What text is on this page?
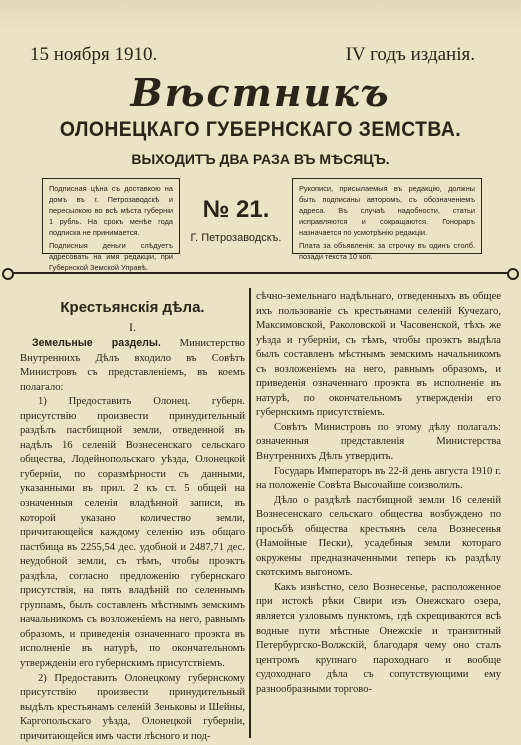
15 ноября 1910.	IV годъ изданія.
Вѣстникъ
ОЛОНЕЦКАГО ГУБЕРНСКАГО ЗЕМСТВА.
ВЫХОДИТЪ ДВА РАЗА ВЪ МѢСЯЦЪ.

Подписная цѣна съ доставкою на домъ въ г. Петрозаводскѣ и пересылкою во всѣ мѣста губерніи 1 рубль. На срокъ менѣе года подписка не принимается.

Подписныя деньги слѣдуетъ адресовать на имя редакціи, при Губернской Земской Управѣ.

№ 21.
Г. Петрозаводскъ.

Рукописи, присылаемыя въ редакцію, должны быть подписаны авторомъ, съ обозначеніемъ адреса. Въ случаѣ надобности, статьи исправляются и сокращаются. Гонораръ назначается по усмотрѣнію редакціи.

Плата за объявленія: за строчку въ одинъ столб. позади текста 10 коп.

Крестьянскія дѣла.
I.

Земельные разделы. Министерство Внутреннихъ Дѣлъ входило въ Совѣтъ Министровъ съ представленіемъ, въ коемъ полагало:

1) Предоставить Олонец. губерн. присутствію произвести принудительный раздѣлъ пастбищной земли, отведенной въ надѣлъ 16 селеній Вознесенскаго сельскаго общества, Лодейнопольскаго уѣзда, Олонецкой губерніи, по соразмѣрности съ данными, указанными въ прил. 2 къ ст. 5 общей на означенныя селенія владѣнной записи, въ которой указано количество земли, причитающейся каждому селенію изъ общаго пастбища въ 2255,54 дес. удобной и 2487,71 дес. неудобной земли, съ тѣмъ, чтобы проэктъ раздѣла, согласно предложенію губернскаго присутствія, на пять владѣній по селеннымъ группамъ, былъ составленъ мѣстнымъ земскимъ начальникомъ съ возложеніемъ на него, равнымъ образомъ, и приведенія означеннаго проэкта въ исполненіе въ натурѣ, по окончательномъ утвержденіи его губернскимъ присутствіемъ.

2) Предоставить Олонецкому губернскому присутствію произвести принудительный выдѣлъ крестьянамъ селеній Зеньковы и Шейны, Каргопольскаго уѣзда, Олонецкой губерніи, причитающейся имъ части лѣсного и под-

сѣчно-земельнаго надѣльнаго, отведенныхъ въ общее ихъ пользованіе съ крестьянами селеній Кучеzаго, Максимовской, Раколовской и Часовенской, тѣхъ же уѣзда и губерніи, съ тѣмъ, чтобы проэктъ выдѣла былъ составленъ мѣстнымъ земскимъ начальникомъ съ возложеніемъ на него, равнымъ образомъ, и приведенія означеннаго проэкта въ исполненіе въ натурѣ, по окончательномъ утвержденіи его губернскимъ присутствіемъ.

Совѣтъ Министровъ по этому дѣлу полагалъ: означенныя представленія Министерства Внутреннихъ Дѣлъ утвердить.

Государь Императоръ въ 22-й день августа 1910 г. на положеніе Совѣта Высочайше соизволилъ.

Дѣло о раздѣлѣ пастбищной земли 16 селеній Вознесенскаго сельскаго общества возбуждено по просьбѣ общества крестьянъ села Вознесенья (Намойные Пески), усадебныя земли котораго окружены предназначенными теперь къ раздѣлу скотскимъ выгономъ.

Какъ извѣстно, село Вознесенье, расположенное при истокѣ рѣки Свири изъ Онежскаго озера, является узловымъ пунктомъ, гдѣ скрещиваются всѣ водные пути мѣстные Онежскіе и транзитный Петербургско-Волжскій, благодаря чему оно сталъ центромъ крупнаго пароходнаго и вообще судоходнаго дѣла съ сопутствующими ему разнообразными торгово-
